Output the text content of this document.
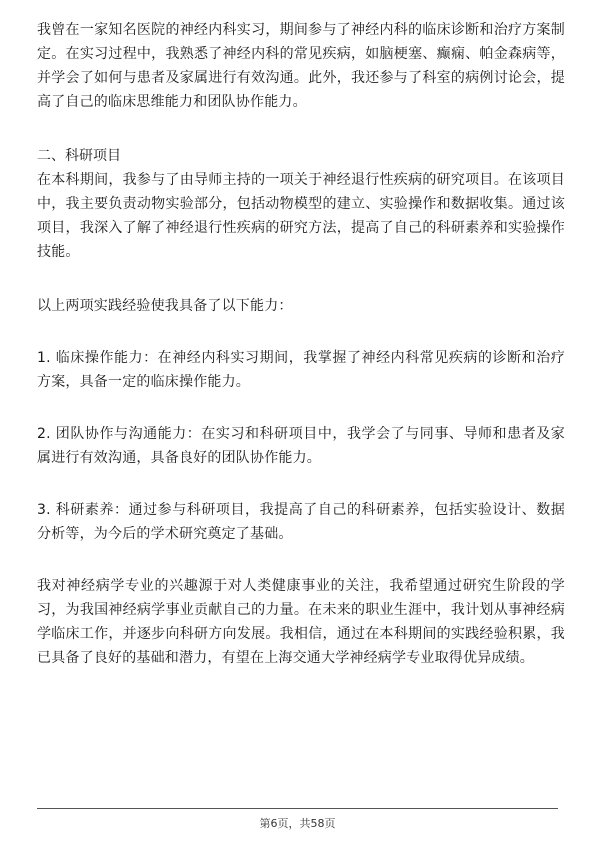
我曾在一家知名医院的神经内科实习，期间参与了神经内科的临床诊断和治疗方案制定。在实习过程中，我熟悉了神经内科的常见疾病，如脑梗塞、癫痫、帕金森病等，并学会了如何与患者及家属进行有效沟通。此外，我还参与了科室的病例讨论会，提高了自己的临床思维能力和团队协作能力。

二、科研项目

在本科期间，我参与了由导师主持的一项关于神经退行性疾病的研究项目。在该项目中，我主要负责动物实验部分，包括动物模型的建立、实验操作和数据收集。通过该项目，我深入了解了神经退行性疾病的研究方法，提高了自己的科研素养和实验操作技能。

以上两项实践经验使我具备了以下能力：

1. 临床操作能力：在神经内科实习期间，我掌握了神经内科常见疾病的诊断和治疗方案，具备一定的临床操作能力。

2. 团队协作与沟通能力：在实习和科研项目中，我学会了与同事、导师和患者及家属进行有效沟通，具备良好的团队协作能力。

3. 科研素养：通过参与科研项目，我提高了自己的科研素养，包括实验设计、数据分析等，为今后的学术研究奠定了基础。

我对神经病学专业的兴趣源于对人类健康事业的关注，我希望通过研究生阶段的学习，为我国神经病学事业贡献自己的力量。在未来的职业生涯中，我计划从事神经病学临床工作，并逐步向科研方向发展。我相信，通过在本科期间的实践经验积累，我已具备了良好的基础和潜力，有望在上海交通大学神经病学专业取得优异成绩。

第6页，共58页
